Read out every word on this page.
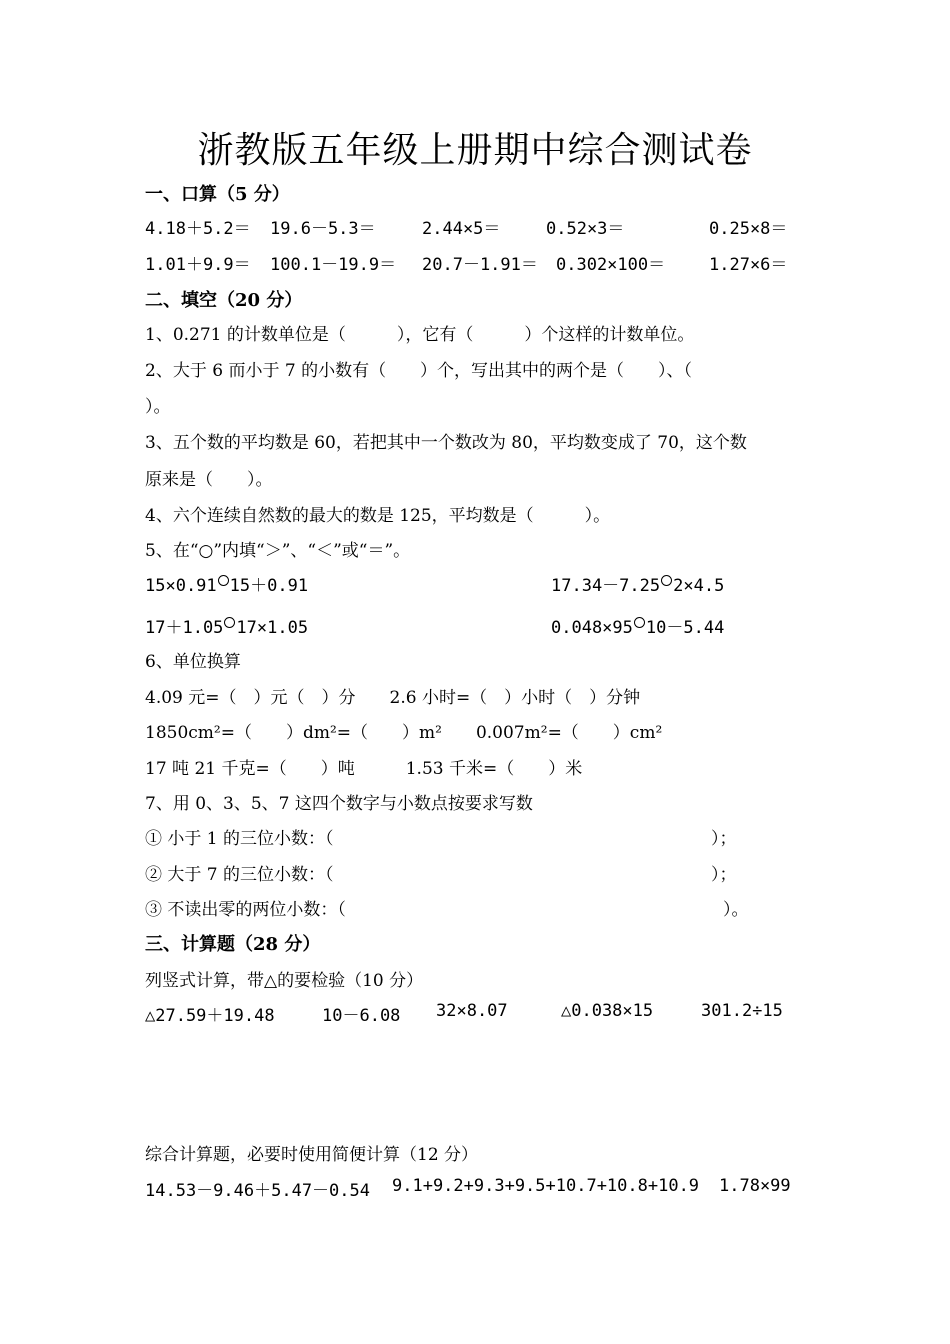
浙教版五年级上册期中综合测试卷
一、口算（5 分）
4.18＋5.2＝ 19.6－5.3＝	2.44×5＝	0.52×3＝	0.25×8＝
1.01＋9.9＝ 100.1－19.9＝ 20.7－1.91＝ 0.302×100＝	1.27×6＝
二、填空（20 分）
1、0.271 的计数单位是（　　　），它有（　　　）个这样的计数单位。
2、大于 6 而小于 7 的小数有（　　）个，写出其中的两个是（　　）、（
）。
3、五个数的平均数是 60，若把其中一个数改为 80，平均数变成了 70，这个数
原来是（　　）。
4、六个连续自然数的最大的数是 125，平均数是（　　　）。
5、在“○”内填“＞”、“＜”或“＝”。
15×0.91 15＋0.91	17.34－7.25 2×4.5
17＋1.05 17×1.05	0.048×95 10－5.44
6、单位换算
4.09 元=（　）元（　）分　　2.6 小时=（　）小时（　）分钟
1850cm²=（　　）dm²=（　　）m²　　0.007m²=（　　）cm²
17 吨 21 千克=（　　）吨　　　1.53 千米=（　　）米
7、用 0、3、5、7 这四个数字与小数点按要求写数
① 小于 1 的三位小数：（	）；
② 大于 7 的三位小数：（	）；
③ 不读出零的两位小数：（	）。
三、计算题（28 分）
列竖式计算，带△的要检验（10 分）
△27.59＋19.48	10－6.08 32×8.07	△0.038×15	301.2÷15
综合计算题，必要时使用简便计算（12 分）
14.53－9.46＋5.47－0.54 9.1+9.2+9.3+9.5+10.7+10.8+10.9 1.78×99
